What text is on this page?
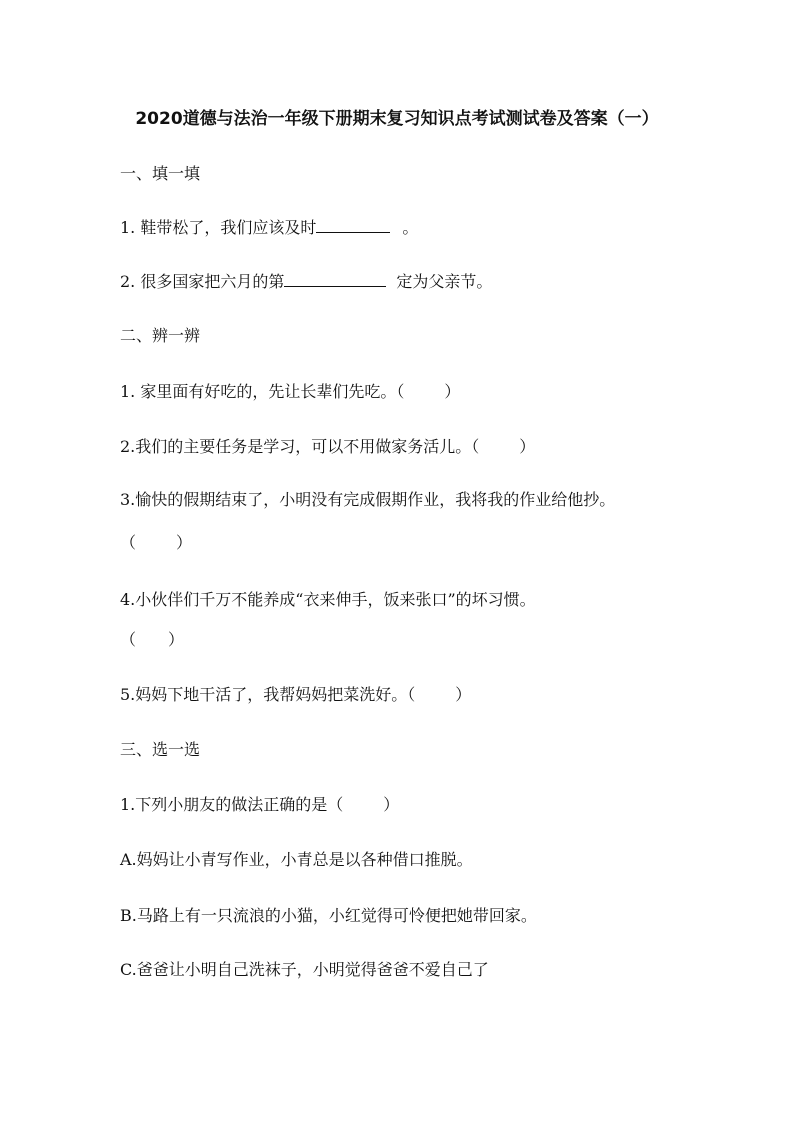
2020道德与法治一年级下册期末复习知识点考试测试卷及答案（一）
一、填一填
1. 鞋带松了，我们应该及时	。
2. 很多国家把六月的第	定为父亲节。
二、辨一辨
1. 家里面有好吃的，先让长辈们先吃。（	）
2.我们的主要任务是学习，可以不用做家务活儿。（	）
3.愉快的假期结束了，小明没有完成假期作业，我将我的作业给他抄。
（	）
4.小伙伴们千万不能养成“衣来伸手，饭来张口”的坏习惯。
（ ）
5.妈妈下地干活了，我帮妈妈把菜洗好。（	）
三、选一选
1.下列小朋友的做法正确的是（	）
A.妈妈让小青写作业，小青总是以各种借口推脱。
B.马路上有一只流浪的小猫，小红觉得可怜便把她带回家。
C.爸爸让小明自己洗袜子，小明觉得爸爸不爱自己了
